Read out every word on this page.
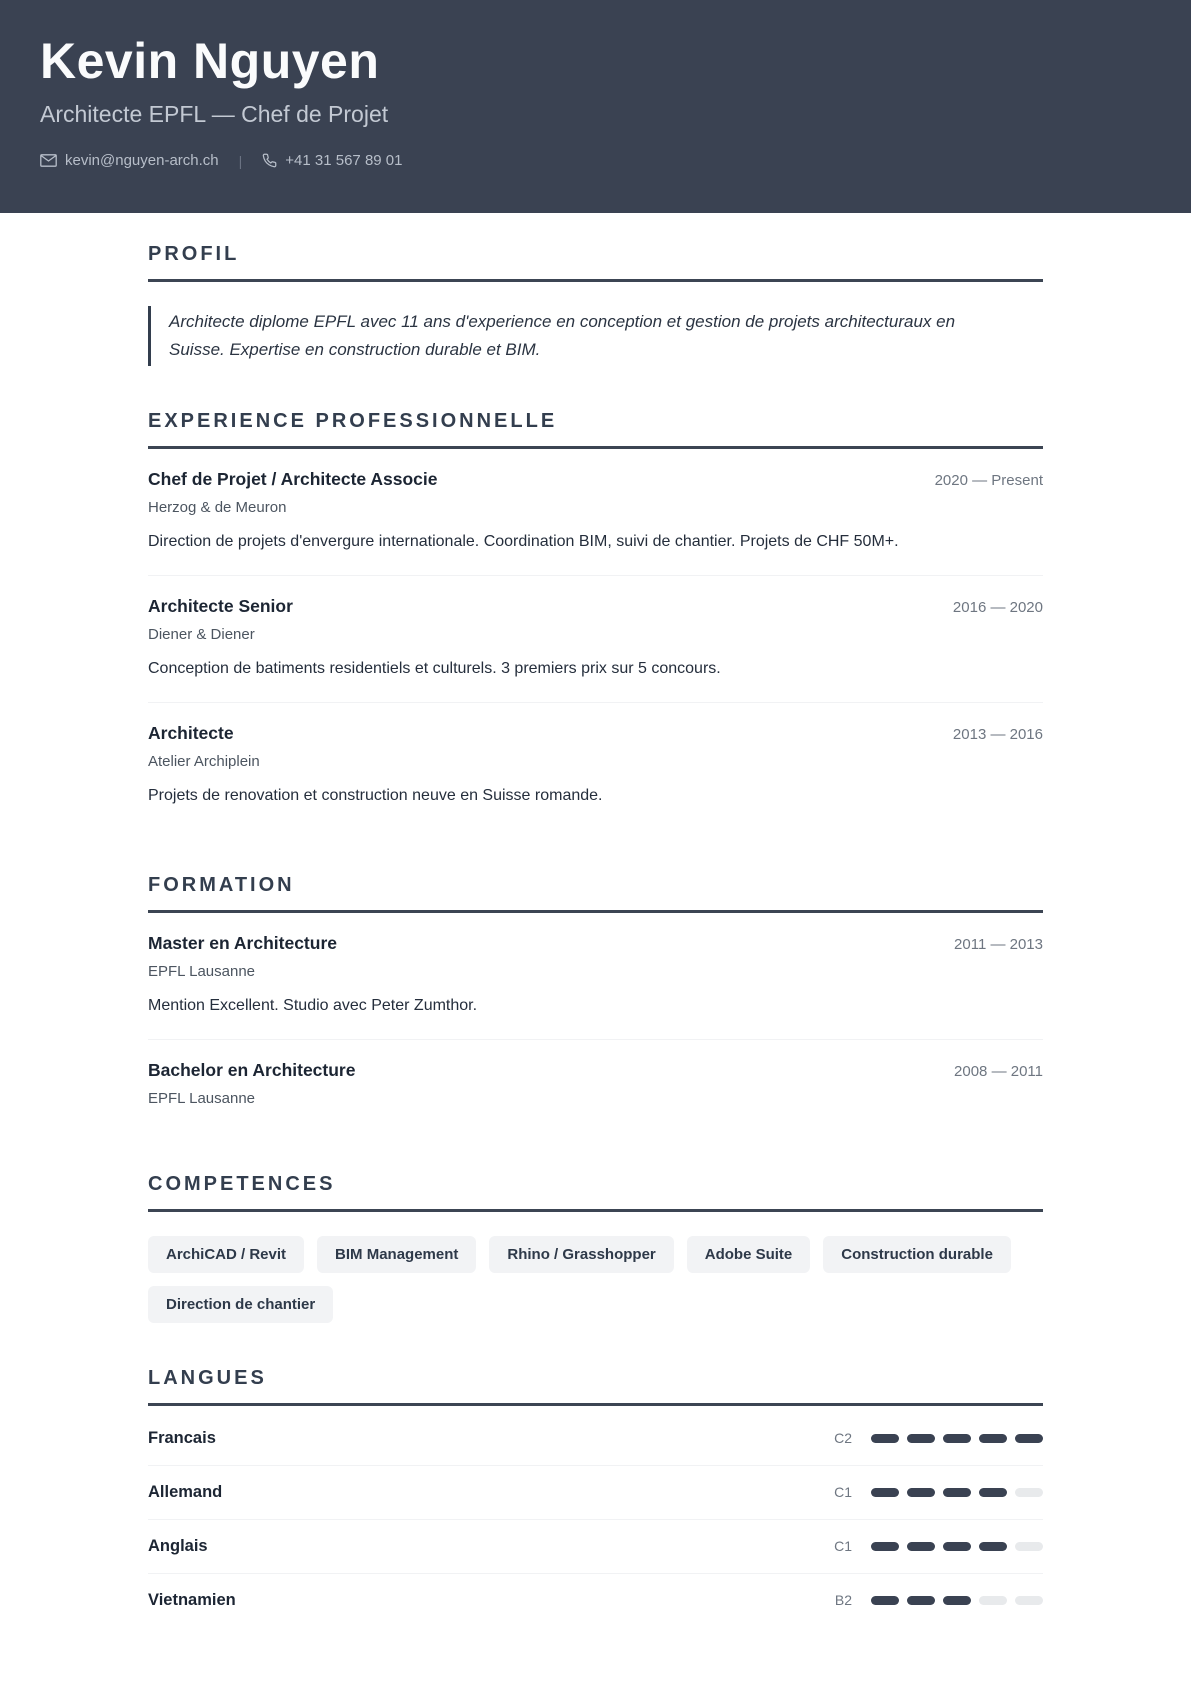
Kevin Nguyen

Architecte EPFL — Chef de Projet

kevin@nguyen-arch.ch |	+41 31 567 89 01
PROFIL
Architecte diplome EPFL avec 11 ans d'experience en conception et gestion de projets architecturaux en Suisse. Expertise en construction durable et BIM.
EXPERIENCE PROFESSIONNELLE
Chef de Projet / Architecte Associe	2020 — Present
Herzog & de Meuron
Direction de projets d'envergure internationale. Coordination BIM, suivi de chantier. Projets de CHF 50M+.
Architecte Senior	2016 — 2020
Diener & Diener
Conception de batiments residentiels et culturels. 3 premiers prix sur 5 concours.
Architecte	2013 — 2016
Atelier Archiplein
Projets de renovation et construction neuve en Suisse romande.
FORMATION
Master en Architecture	2011 — 2013
EPFL Lausanne
Mention Excellent. Studio avec Peter Zumthor.
Bachelor en Architecture	2008 — 2011
EPFL Lausanne
COMPETENCES
ArchiCAD / Revit	BIM Management	Rhino / Grasshopper	Adobe Suite	Construction durable
Direction de chantier
LANGUES
Francais	C2
Allemand	C1
Anglais	C1
Vietnamien	B2
